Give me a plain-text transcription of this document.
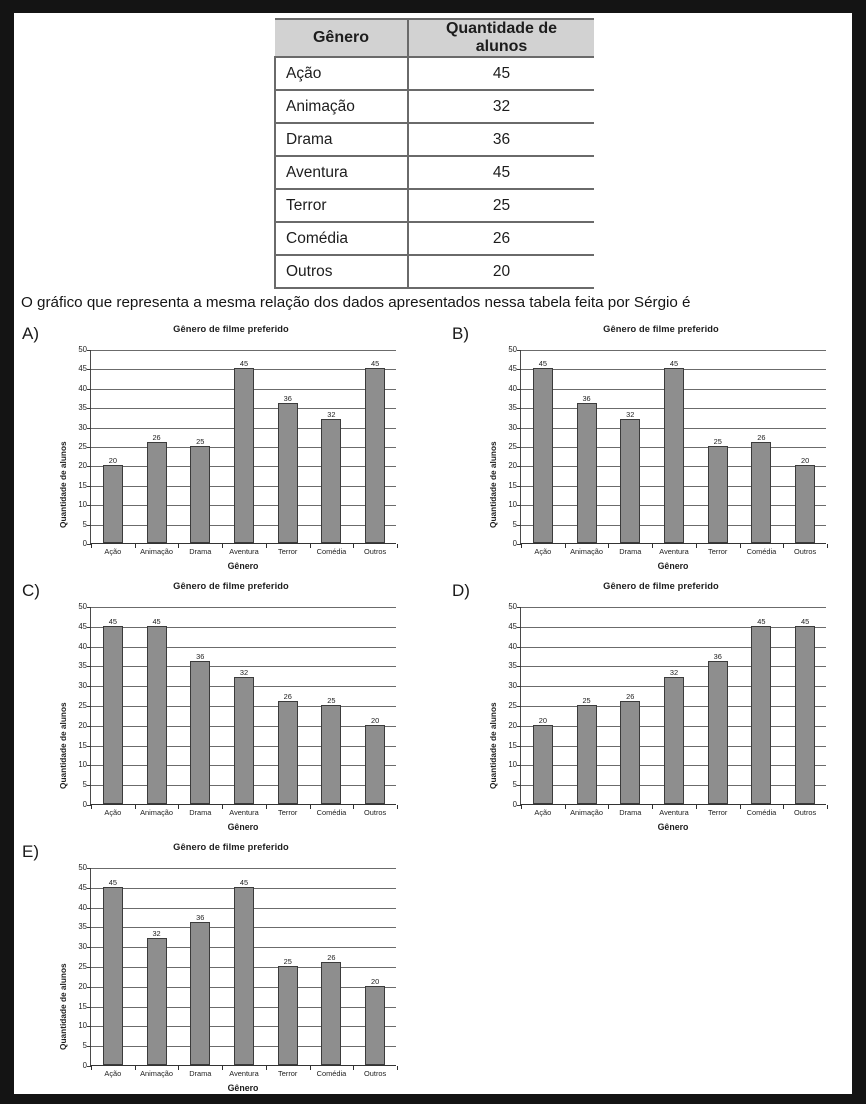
Gênero	Quantidade de alunos
Ação	45
Animação	32
Drama	36
Aventura	45
Terror	25
Comédia	26
Outros	20
O gráfico que representa a mesma relação dos dados apresentados nessa tabela feita por Sérgio é
A)	Gênero de filme preferido
Quantidade de alunos
0
5
10
15
20
25
30
35
40
45
50
20
Ação
26
Animação
25
Drama
45
Aventura
36
Terror
32
Comédia
45
Outros
Gênero
B)	Gênero de filme preferido
Quantidade de alunos
0
5
10
15
20
25
30
35
40
45
50
45
Ação
36
Animação
32
Drama
45
Aventura
25
Terror
26
Comédia
20
Outros
Gênero
C)	Gênero de filme preferido
Quantidade de alunos
0
5
10
15
20
25
30
35
40
45
50
45
Ação
45
Animação
36
Drama
32
Aventura
26
Terror
25
Comédia
20
Outros
Gênero
D)	Gênero de filme preferido
Quantidade de alunos
0
5
10
15
20
25
30
35
40
45
50
20
Ação
25
Animação
26
Drama
32
Aventura
36
Terror
45
Comédia
45
Outros
Gênero
E)	Gênero de filme preferido
Quantidade de alunos
0
5
10
15
20
25
30
35
40
45
50
45
Ação
32
Animação
36
Drama
45
Aventura
25
Terror
26
Comédia
20
Outros
Gênero
